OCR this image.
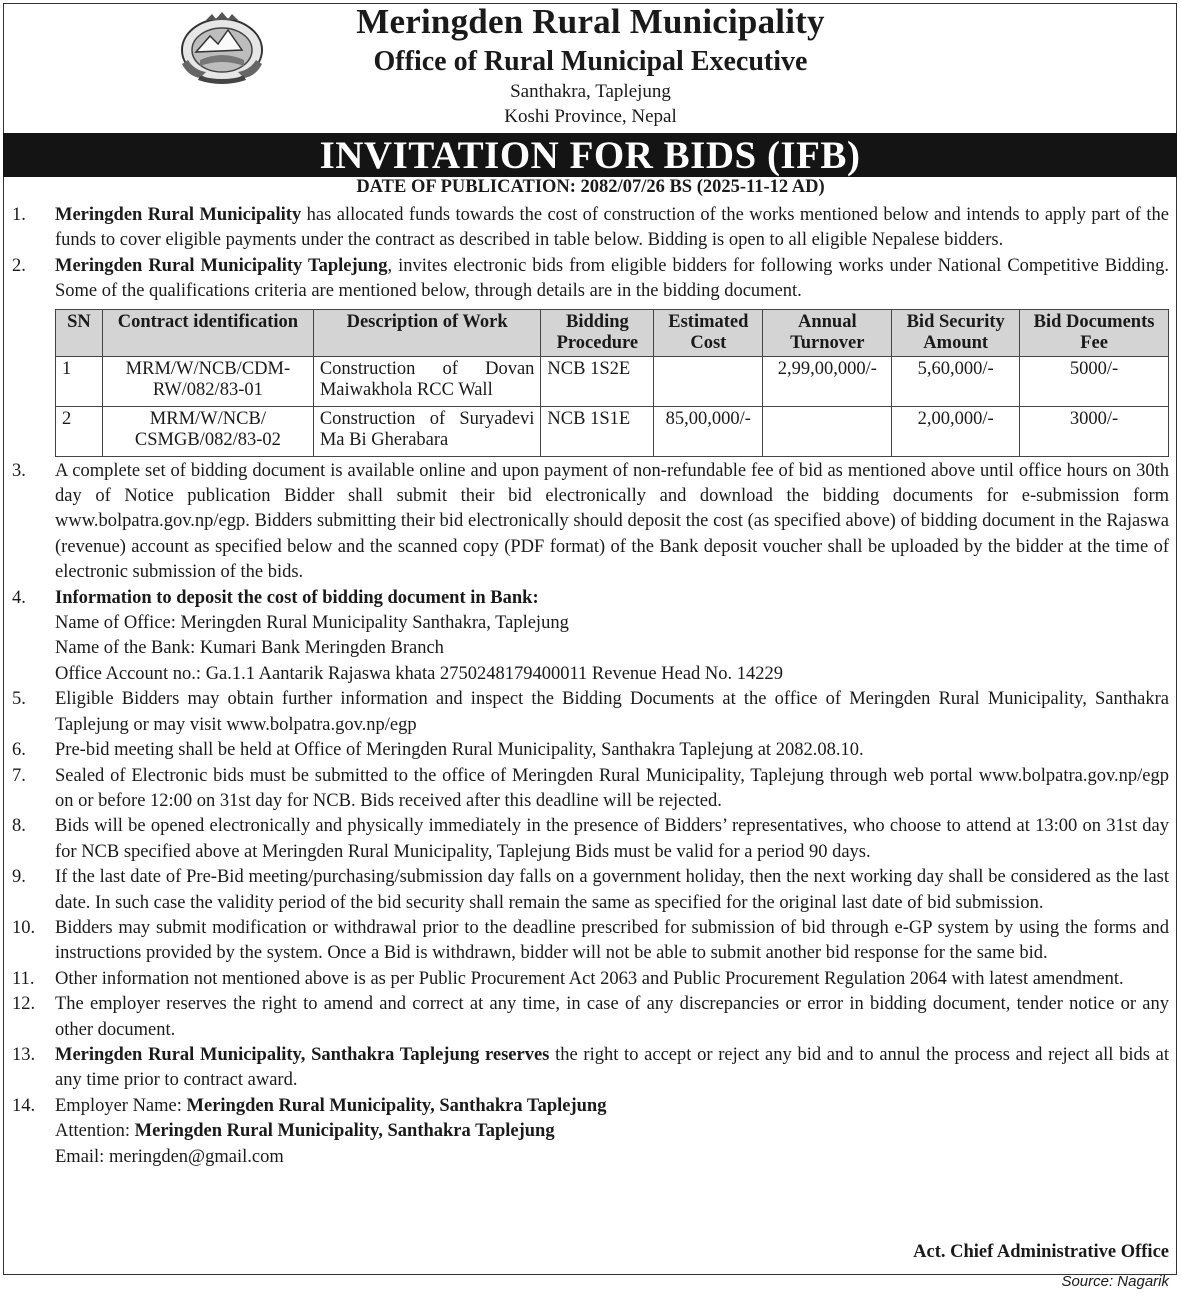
Meringden Rural Municipality
Office of Rural Municipal Executive
Santhakra, Taplejung
Koshi Province, Nepal
INVITATION FOR BIDS (IFB)
DATE OF PUBLICATION: 2082/07/26 BS (2025-11-12 AD)
1.	Meringden Rural Municipality has allocated funds towards the cost of construction of the works mentioned below and intends to apply part of the funds to cover eligible payments under the contract as described in table below. Bidding is open to all eligible Nepalese bidders.
2.	Meringden Rural Municipality Taplejung, invites electronic bids from eligible bidders for following works under National Competitive Bidding. Some of the qualifications criteria are mentioned below, through details are in the bidding document.
SN	Contract identification	Description of Work	Bidding Procedure	Estimated Cost	Annual Turnover	Bid Security Amount	Bid Documents Fee
1	MRM/W/NCB/CDM-RW/082/83-01	Construction of Dovan Maiwakhola RCC Wall	NCB 1S2E		2,99,00,000/-	5,60,000/-	5000/-
2	MRM/W/NCB/ CSMGB/082/83-02	Construction of Suryadevi Ma Bi Gherabara	NCB 1S1E	85,00,000/-		2,00,000/-	3000/-
3.	A complete set of bidding document is available online and upon payment of non-refundable fee of bid as mentioned above until office hours on 30th day of Notice publication Bidder shall submit their bid electronically and download the bidding documents for e-submission form www.bolpatra.gov.np/egp. Bidders submitting their bid electronically should deposit the cost (as specified above) of bidding document in the Rajaswa (revenue) account as specified below and the scanned copy (PDF format) of the Bank deposit voucher shall be uploaded by the bidder at the time of electronic submission of the bids.
4.	Information to deposit the cost of bidding document in Bank:
Name of Office: Meringden Rural Municipality Santhakra, Taplejung
Name of the Bank: Kumari Bank Meringden Branch
Office Account no.: Ga.1.1 Aantarik Rajaswa khata 2750248179400011 Revenue Head No. 14229
5.	Eligible Bidders may obtain further information and inspect the Bidding Documents at the office of Meringden Rural Municipality, Santhakra Taplejung or may visit www.bolpatra.gov.np/egp
6.	Pre-bid meeting shall be held at Office of Meringden Rural Municipality, Santhakra Taplejung at 2082.08.10.
7.	Sealed of Electronic bids must be submitted to the office of Meringden Rural Municipality, Taplejung through web portal www.bolpatra.gov.np/egp on or before 12:00 on 31st day for NCB. Bids received after this deadline will be rejected.
8.	Bids will be opened electronically and physically immediately in the presence of Bidders’ representatives, who choose to attend at 13:00 on 31st day for NCB specified above at Meringden Rural Municipality, Taplejung Bids must be valid for a period 90 days.
9.	If the last date of Pre-Bid meeting/purchasing/submission day falls on a government holiday, then the next working day shall be considered as the last date. In such case the validity period of the bid security shall remain the same as specified for the original last date of bid submission.
10.	Bidders may submit modification or withdrawal prior to the deadline prescribed for submission of bid through e-GP system by using the forms and instructions provided by the system. Once a Bid is withdrawn, bidder will not be able to submit another bid response for the same bid.
11.	Other information not mentioned above is as per Public Procurement Act 2063 and Public Procurement Regulation 2064 with latest amendment.
12.	The employer reserves the right to amend and correct at any time, in case of any discrepancies or error in bidding document, tender notice or any other document.
13.	Meringden Rural Municipality, Santhakra Taplejung reserves the right to accept or reject any bid and to annul the process and reject all bids at any time prior to contract award.
14.	Employer Name: Meringden Rural Municipality, Santhakra Taplejung
Attention: Meringden Rural Municipality, Santhakra Taplejung
Email: meringden@gmail.com
Act. Chief Administrative Office
Source: Nagarik
